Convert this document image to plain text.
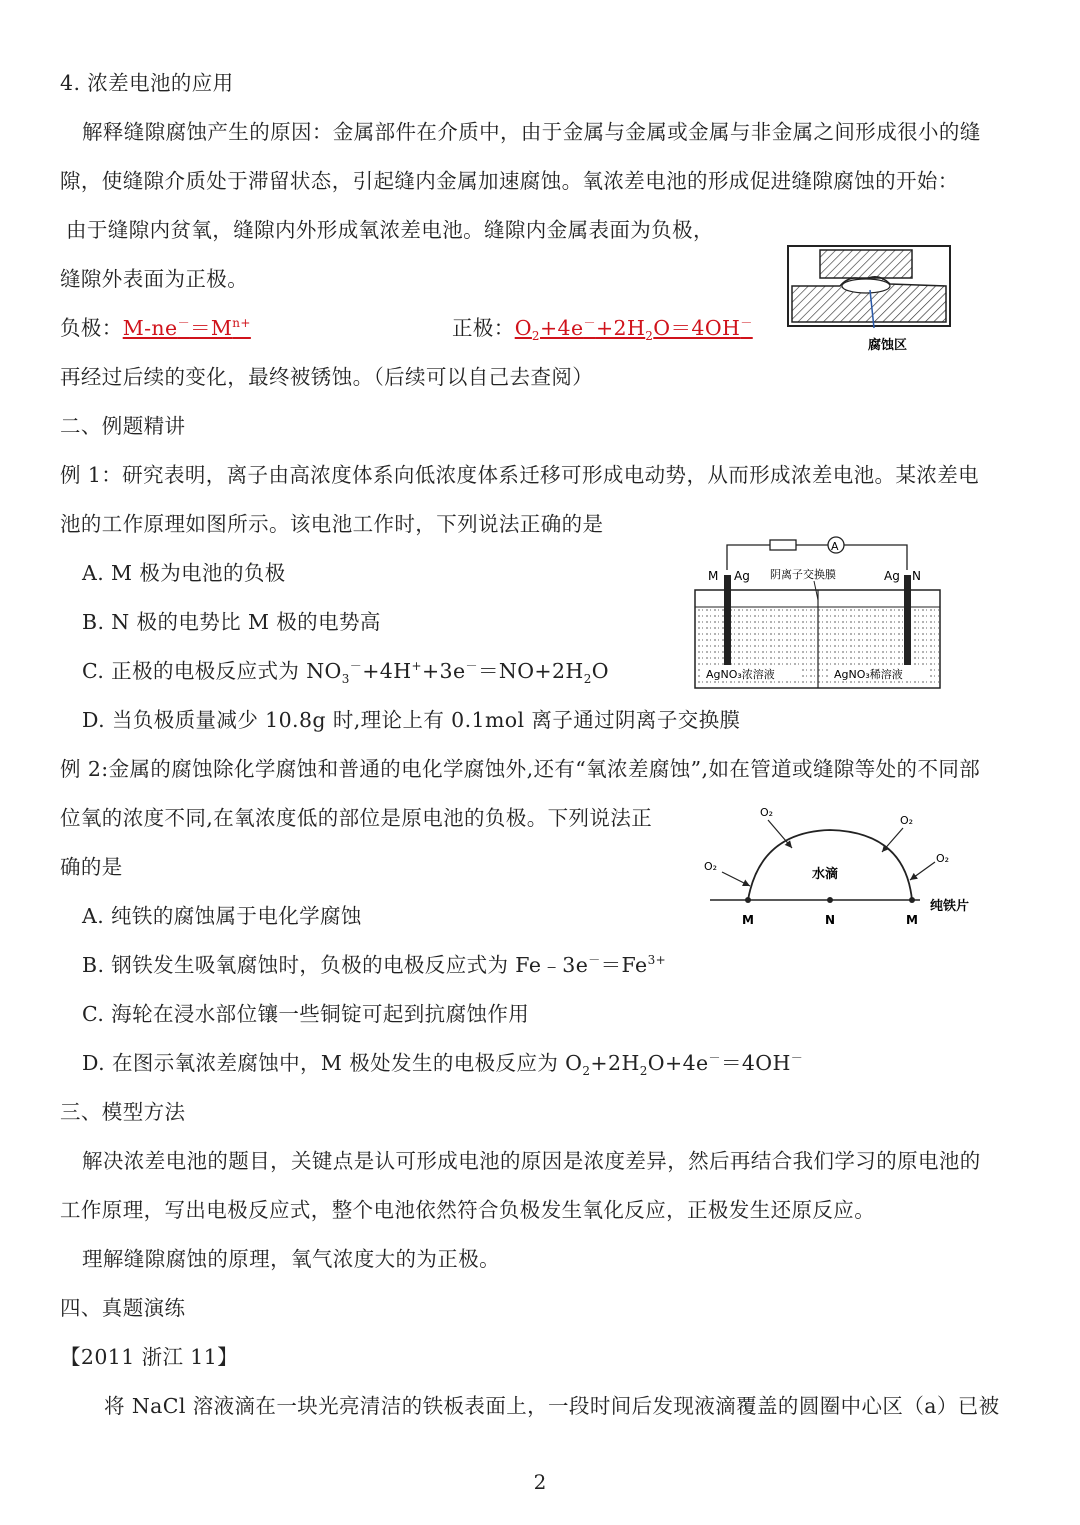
4. 浓差电池的应用
解释缝隙腐蚀产生的原因：金属部件在介质中，由于金属与金属或金属与非金属之间形成很小的缝
隙，使缝隙介质处于滞留状态，引起缝内金属加速腐蚀。氧浓差电池的形成促进缝隙腐蚀的开始：
由于缝隙内贫氧，缝隙内外形成氧浓差电池。缝隙内金属表面为负极，
缝隙外表面为正极。
负极：$M-ne^-=M^{n+}$	正极：$O_2+4e^-+2H_2O=4OH^-$
腐蚀区
再经过后续的变化，最终被锈蚀。（后续可以自己去查阅）
二、例题精讲
例 1：研究表明，离子由高浓度体系向低浓度体系迁移可形成电动势，从而形成浓差电池。某浓差电
池的工作原理如图所示。该电池工作时，下列说法正确的是
A. M 极为电池的负极
B. N 极的电势比 M 极的电势高
C. 正极的电极反应式为 $NO_3^-+4H^++3e^-=NO+2H_2O$
D. 当负极质量减少 10.8g 时,理论上有 0.1mol 离子通过阴离子交换膜
A
M Ag 阴离子交换膜	Ag N
AgNO₃浓溶液	AgNO₃稀溶液
例 2:金属的腐蚀除化学腐蚀和普通的电化学腐蚀外,还有“氧浓差腐蚀”,如在管道或缝隙等处的不同部
位氧的浓度不同,在氧浓度低的部位是原电池的负极。下列说法正
确的是
A. 纯铁的腐蚀属于电化学腐蚀
B. 钢铁发生吸氧腐蚀时，负极的电极反应式为 $Fe﹣3e^-=Fe^{3+}$
C. 海轮在浸水部位镶一些铜锭可起到抗腐蚀作用
D. 在图示氧浓差腐蚀中，M 极处发生的电极反应为 $O_2+2H_2O+4e^-=4OH^-$
水滴
O₂
O₂
O₂
O₂
M	N	M
纯铁片
三、模型方法
解决浓差电池的题目，关键点是认可形成电池的原因是浓度差异，然后再结合我们学习的原电池的
工作原理，写出电极反应式，整个电池依然符合负极发生氧化反应，正极发生还原反应。
理解缝隙腐蚀的原理，氧气浓度大的为正极。
四、真题演练
【2011 浙江 11】
将 NaCl 溶液滴在一块光亮清洁的铁板表面上，一段时间后发现液滴覆盖的圆圈中心区（a）已被
2
